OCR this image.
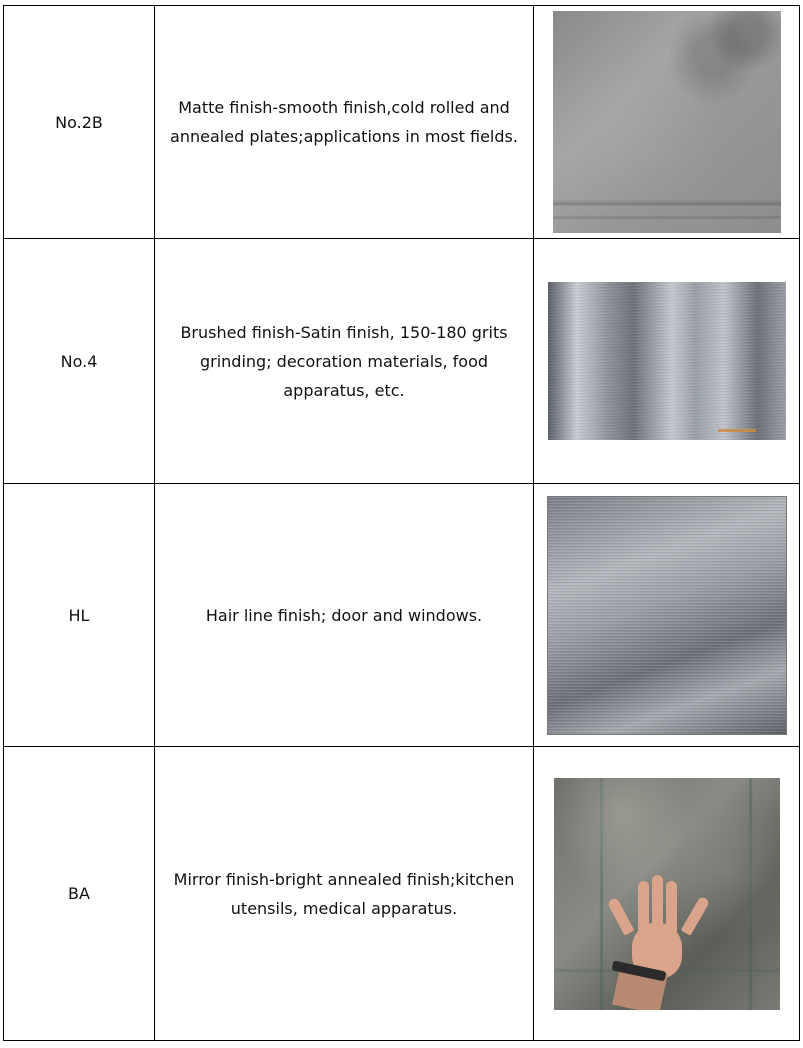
No.2B	Matte finish-smooth finish,cold rolled and annealed plates;applications in most fields.	

No.4	Brushed finish-Satin finish, 150-180 grits grinding; decoration materials, food apparatus, etc.	

HL	Hair line finish; door and windows.	

BA	Mirror finish-bright annealed finish;kitchen utensils, medical apparatus.	
